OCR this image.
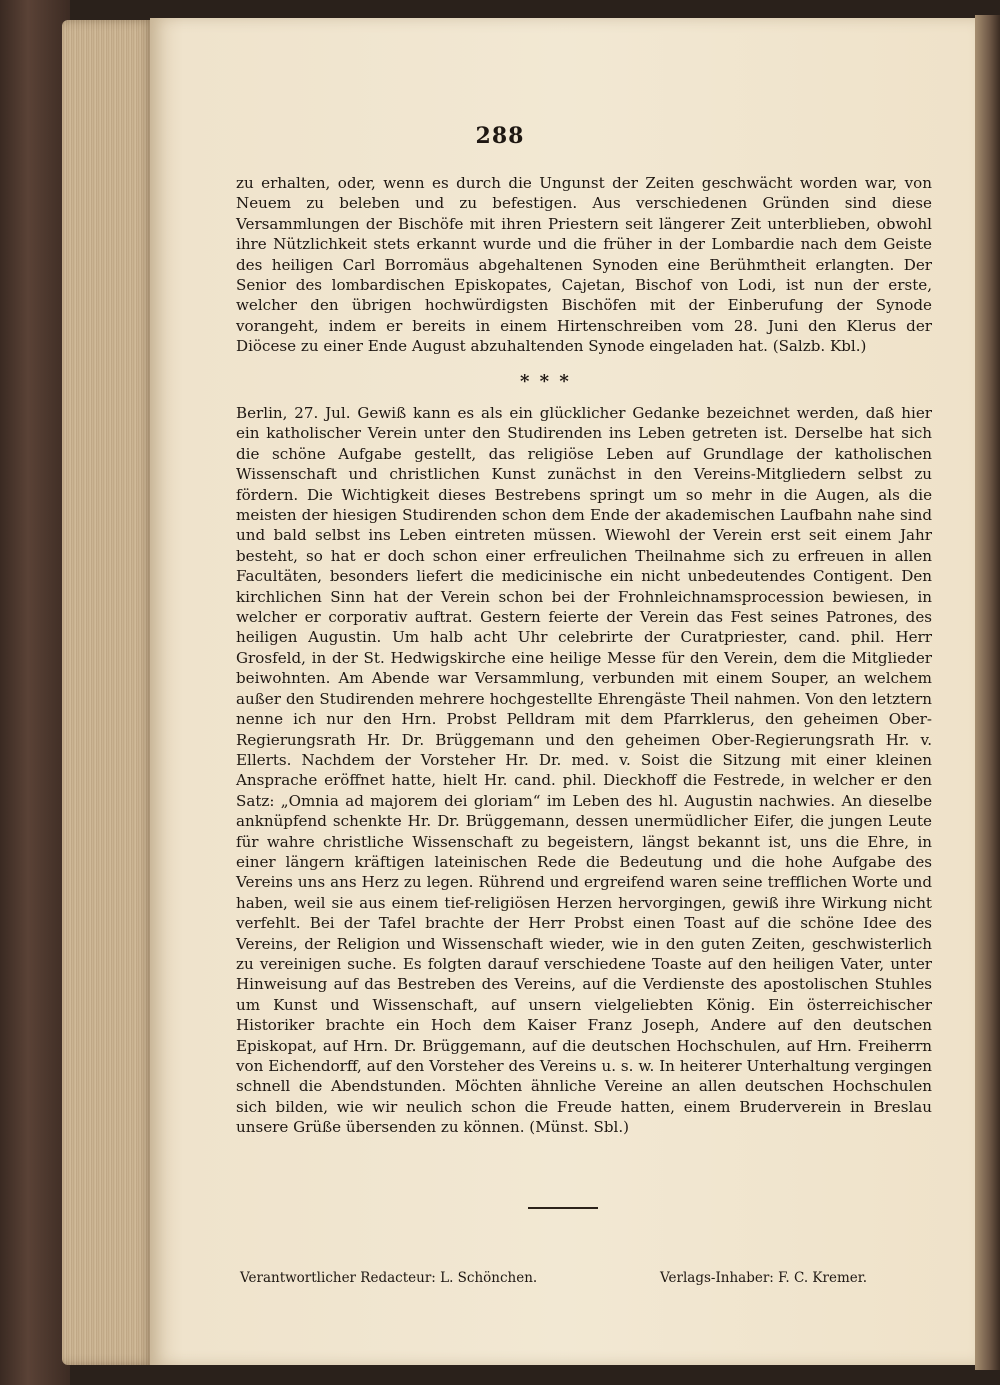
288

zu erhalten, oder, wenn es durch die Ungunst der Zeiten geschwächt worden war, von Neuem zu beleben und zu befestigen. Aus verschiedenen Gründen sind diese Versammlungen der Bischöfe mit ihren Priestern seit längerer Zeit unterblieben, obwohl ihre Nützlichkeit stets erkannt wurde und die früher in der Lombardie nach dem Geiste des heiligen Carl Borromäus abgehaltenen Synoden eine Berühmtheit erlangten. Der Senior des lombardischen Episkopates, Cajetan, Bischof von Lodi, ist nun der erste, welcher den übrigen hochwürdigsten Bischöfen mit der Einberufung der Synode vorangeht, indem er bereits in einem Hirtenschreiben vom 28. Juni den Klerus der Diöcese zu einer Ende August abzuhaltenden Synode eingeladen hat. (Salzb. Kbl.)

* * *

Berlin, 27. Jul. Gewiß kann es als ein glücklicher Gedanke bezeichnet werden, daß hier ein katholischer Verein unter den Studirenden ins Leben getreten ist. Derselbe hat sich die schöne Aufgabe gestellt, das religiöse Leben auf Grundlage der katholischen Wissenschaft und christlichen Kunst zunächst in den Vereins-Mitgliedern selbst zu fördern. Die Wichtigkeit dieses Bestrebens springt um so mehr in die Augen, als die meisten der hiesigen Studirenden schon dem Ende der akademischen Laufbahn nahe sind und bald selbst ins Leben eintreten müssen. Wiewohl der Verein erst seit einem Jahr besteht, so hat er doch schon einer erfreulichen Theilnahme sich zu erfreuen in allen Facultäten, besonders liefert die medicinische ein nicht unbedeutendes Contigent. Den kirchlichen Sinn hat der Verein schon bei der Frohnleichnamsprocession bewiesen, in welcher er corporativ auftrat. Gestern feierte der Verein das Fest seines Patrones, des heiligen Augustin. Um halb acht Uhr celebrirte der Curatpriester, cand. phil. Herr Grosfeld, in der St. Hedwigskirche eine heilige Messe für den Verein, dem die Mitglieder beiwohnten. Am Abende war Versammlung, verbunden mit einem Souper, an welchem außer den Studirenden mehrere hochgestellte Ehrengäste Theil nahmen. Von den letztern nenne ich nur den Hrn. Probst Pelldram mit dem Pfarrklerus, den geheimen Ober-Regierungsrath Hr. Dr. Brüggemann und den geheimen Ober-Regierungsrath Hr. v. Ellerts. Nachdem der Vorsteher Hr. Dr. med. v. Soist die Sitzung mit einer kleinen Ansprache eröffnet hatte, hielt Hr. cand. phil. Dieckhoff die Festrede, in welcher er den Satz: „Omnia ad majorem dei gloriam“ im Leben des hl. Augustin nachwies. An dieselbe anknüpfend schenkte Hr. Dr. Brüggemann, dessen unermüdlicher Eifer, die jungen Leute für wahre christliche Wissenschaft zu begeistern, längst bekannt ist, uns die Ehre, in einer längern kräftigen lateinischen Rede die Bedeutung und die hohe Aufgabe des Vereins uns ans Herz zu legen. Rührend und ergreifend waren seine trefflichen Worte und haben, weil sie aus einem tief-religiösen Herzen hervorgingen, gewiß ihre Wirkung nicht verfehlt. Bei der Tafel brachte der Herr Probst einen Toast auf die schöne Idee des Vereins, der Religion und Wissenschaft wieder, wie in den guten Zeiten, geschwisterlich zu vereinigen suche. Es folgten darauf verschiedene Toaste auf den heiligen Vater, unter Hinweisung auf das Bestreben des Vereins, auf die Verdienste des apostolischen Stuhles um Kunst und Wissenschaft, auf unsern vielgeliebten König. Ein österreichischer Historiker brachte ein Hoch dem Kaiser Franz Joseph, Andere auf den deutschen Episkopat, auf Hrn. Dr. Brüggemann, auf die deutschen Hochschulen, auf Hrn. Freiherrn von Eichendorff, auf den Vorsteher des Vereins u. s. w. In heiterer Unterhaltung vergingen schnell die Abendstunden. Möchten ähnliche Vereine an allen deutschen Hochschulen sich bilden, wie wir neulich schon die Freude hatten, einem Bruderverein in Breslau unsere Grüße übersenden zu können. (Münst. Sbl.)

Verantwortlicher Redacteur: L. Schönchen.	Verlags-Inhaber: F. C. Kremer.
